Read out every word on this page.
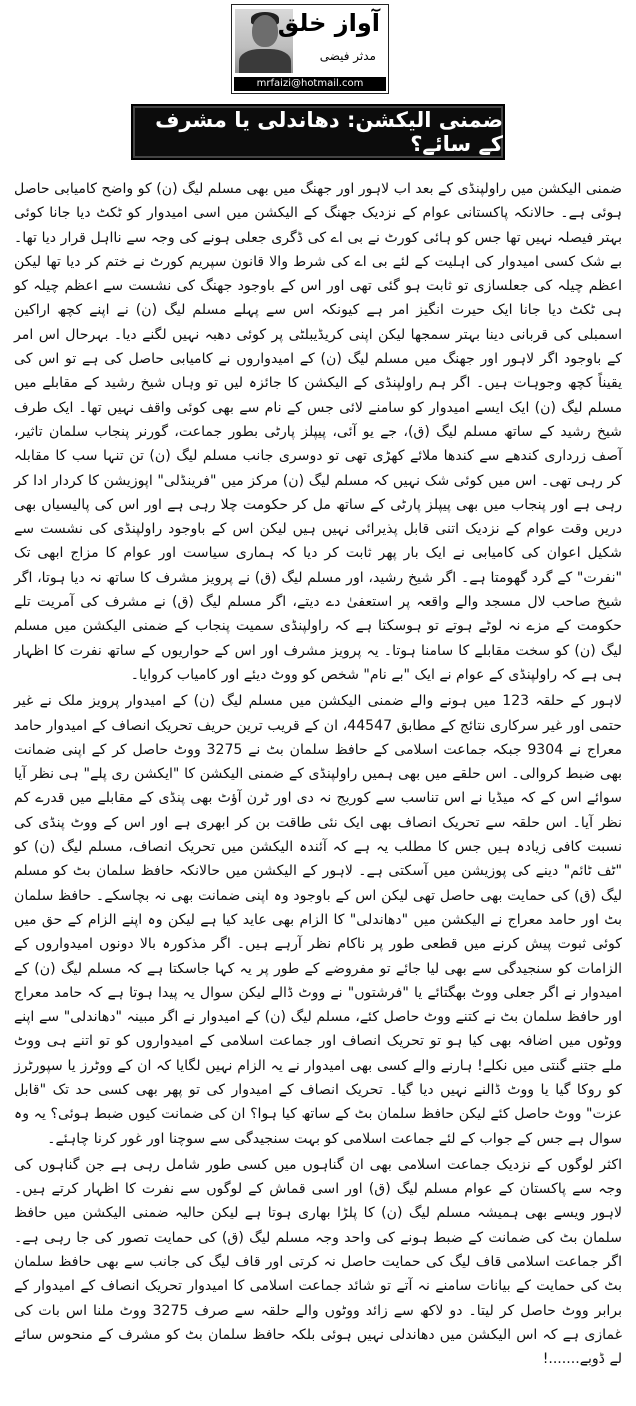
آواز خلق
مدثر فیضی
mrfaizi@hotmail.com
ضمنی الیکشن: دھاندلی یا مشرف کے سائے؟

ضمنی الیکشن میں راولپنڈی کے بعد اب لاہور اور جھنگ میں بھی مسلم لیگ (ن) کو واضح کامیابی حاصل ہوئی ہے۔ حالانکہ پاکستانی عوام کے نزدیک جھنگ کے الیکشن میں اسی امیدوار کو ٹکٹ دیا جانا کوئی بہتر فیصلہ نہیں تھا جس کو ہائی کورٹ نے بی اے کی ڈگری جعلی ہونے کی وجہ سے نااہل قرار دیا تھا۔ بے شک کسی امیدوار کی اہلیت کے لئے بی اے کی شرط والا قانون سپریم کورٹ نے ختم کر دیا تھا لیکن اعظم چیلہ کی جعلسازی تو ثابت ہو گئی تھی اور اس کے باوجود جھنگ کی نشست سے اعظم چیلہ کو ہی ٹکٹ دیا جانا ایک حیرت انگیز امر ہے کیونکہ اس سے پہلے مسلم لیگ (ن) نے اپنے کچھ اراکین اسمبلی کی قربانی دینا بہتر سمجھا لیکن اپنی کریڈیبلٹی پر کوئی دھبہ نہیں لگنے دیا۔ بہرحال اس امر کے باوجود اگر لاہور اور جھنگ میں مسلم لیگ (ن) کے امیدواروں نے کامیابی حاصل کی ہے تو اس کی یقیناً کچھ وجوہات ہیں۔ اگر ہم راولپنڈی کے الیکشن کا جائزہ لیں تو وہاں شیخ رشید کے مقابلے میں مسلم لیگ (ن) ایک ایسے امیدوار کو سامنے لائی جس کے نام سے بھی کوئی واقف نہیں تھا۔ ایک طرف شیخ رشید کے ساتھ مسلم لیگ (ق)، جے یو آئی، پیپلز پارٹی بطور جماعت، گورنر پنجاب سلمان تاثیر، آصف زرداری کندھے سے کندھا ملائے کھڑی تھی تو دوسری جانب مسلم لیگ (ن) تن تنہا سب کا مقابلہ کر رہی تھی۔ اس میں کوئی شک نہیں کہ مسلم لیگ (ن) مرکز میں "فرینڈلی" اپوزیشن کا کردار ادا کر رہی ہے اور پنجاب میں بھی پیپلز پارٹی کے ساتھ مل کر حکومت چلا رہی ہے اور اس کی پالیسیاں بھی دریں وقت عوام کے نزدیک اتنی قابل پذیرائی نہیں ہیں لیکن اس کے باوجود راولپنڈی کی نشست سے شکیل اعوان کی کامیابی نے ایک بار پھر ثابت کر دیا کہ ہماری سیاست اور عوام کا مزاج ابھی تک "نفرت" کے گرد گھومتا ہے۔ اگر شیخ رشید، اور مسلم لیگ (ق) نے پرویز مشرف کا ساتھ نہ دیا ہوتا، اگر شیخ صاحب لال مسجد والے واقعہ پر استعفیٰ دے دیتے، اگر مسلم لیگ (ق) نے مشرف کی آمریت تلے حکومت کے مزے نہ لوٹے ہوتے تو ہوسکتا ہے کہ راولپنڈی سمیت پنجاب کے ضمنی الیکشن میں مسلم لیگ (ن) کو سخت مقابلے کا سامنا ہوتا۔ یہ پرویز مشرف اور اس کے حواریوں کے ساتھ نفرت کا اظہار ہی ہے کہ راولپنڈی کے عوام نے ایک "بے نام" شخص کو ووٹ دیئے اور کامیاب کروایا۔

لاہور کے حلقہ 123 میں ہونے والے ضمنی الیکشن میں مسلم لیگ (ن) کے امیدوار پرویز ملک نے غیر حتمی اور غیر سرکاری نتائج کے مطابق 44547، ان کے قریب ترین حریف تحریک انصاف کے امیدوار حامد معراج نے 9304 جبکہ جماعت اسلامی کے حافظ سلمان بٹ نے 3275 ووٹ حاصل کر کے اپنی ضمانت بھی ضبط کروالی۔ اس حلقے میں بھی ہمیں راولپنڈی کے ضمنی الیکشن کا "ایکشن ری پلے" ہی نظر آیا سوائے اس کے کہ میڈیا نے اس تناسب سے کوریج نہ دی اور ٹرن آؤٹ بھی پنڈی کے مقابلے میں قدرے کم نظر آیا۔ اس حلقہ سے تحریک انصاف بھی ایک نئی طاقت بن کر ابھری ہے اور اس کے ووٹ پنڈی کی نسبت کافی زیادہ ہیں جس کا مطلب یہ ہے کہ آئندہ الیکشن میں تحریک انصاف، مسلم لیگ (ن) کو "ٹف ٹائم" دینے کی پوزیشن میں آسکتی ہے۔ لاہور کے الیکشن میں حالانکہ حافظ سلمان بٹ کو مسلم لیگ (ق) کی حمایت بھی حاصل تھی لیکن اس کے باوجود وہ اپنی ضمانت بھی نہ بچاسکے۔ حافظ سلمان بٹ اور حامد معراج نے الیکشن میں "دھاندلی" کا الزام بھی عاید کیا ہے لیکن وہ اپنے الزام کے حق میں کوئی ثبوت پیش کرنے میں قطعی طور پر ناکام نظر آرہے ہیں۔ اگر مذکورہ بالا دونوں امیدواروں کے الزامات کو سنجیدگی سے بھی لیا جائے تو مفروضے کے طور پر یہ کہا جاسکتا ہے کہ مسلم لیگ (ن) کے امیدوار نے اگر جعلی ووٹ بھگتائے یا "فرشتوں" نے ووٹ ڈالے لیکن سوال یہ پیدا ہوتا ہے کہ حامد معراج اور حافظ سلمان بٹ نے کتنے ووٹ حاصل کئے، مسلم لیگ (ن) کے امیدوار نے اگر مبینہ "دھاندلی" سے اپنے ووٹوں میں اضافہ بھی کیا ہو تو تحریک انصاف اور جماعت اسلامی کے امیدواروں کو تو اتنے ہی ووٹ ملے جتنے گنتی میں نکلے! ہارنے والے کسی بھی امیدوار نے یہ الزام نہیں لگایا کہ ان کے ووٹرز یا سپورٹرز کو روکا گیا یا ووٹ ڈالنے نہیں دیا گیا۔ تحریک انصاف کے امیدوار کی تو پھر بھی کسی حد تک "قابل عزت" ووٹ حاصل کئے لیکن حافظ سلمان بٹ کے ساتھ کیا ہوا؟ ان کی ضمانت کیوں ضبط ہوئی؟ یہ وہ سوال ہے جس کے جواب کے لئے جماعت اسلامی کو بہت سنجیدگی سے سوچنا اور غور کرنا چاہئے۔

اکثر لوگوں کے نزدیک جماعت اسلامی بھی ان گناہوں میں کسی طور شامل رہی ہے جن گناہوں کی وجہ سے پاکستان کے عوام مسلم لیگ (ق) اور اسی قماش کے لوگوں سے نفرت کا اظہار کرتے ہیں۔ لاہور ویسے بھی ہمیشہ مسلم لیگ (ن) کا پلڑا بھاری ہوتا ہے لیکن حالیہ ضمنی الیکشن میں حافظ سلمان بٹ کی ضمانت کے ضبط ہونے کی واحد وجہ مسلم لیگ (ق) کی حمایت تصور کی جا رہی ہے۔ اگر جماعت اسلامی قاف لیگ کی حمایت حاصل نہ کرتی اور قاف لیگ کی جانب سے بھی حافظ سلمان بٹ کی حمایت کے بیانات سامنے نہ آتے تو شائد جماعت اسلامی کا امیدوار تحریک انصاف کے امیدوار کے برابر ووٹ حاصل کر لیتا۔ دو لاکھ سے زائد ووٹوں والے حلقہ سے صرف 3275 ووٹ ملنا اس بات کی غمازی ہے کہ اس الیکشن میں دھاندلی نہیں ہوئی بلکہ حافظ سلمان بٹ کو مشرف کے منحوس سائے لے ڈوبے.......!
